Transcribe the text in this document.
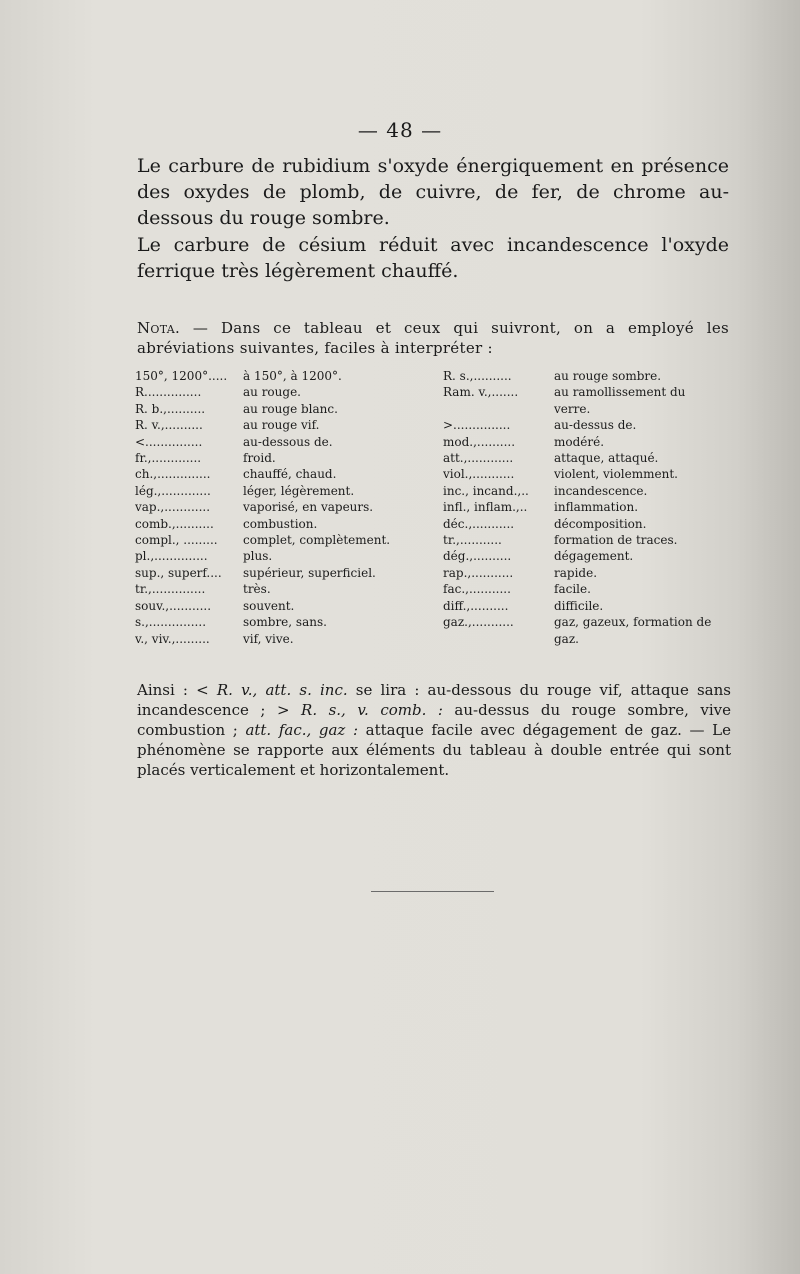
— 48 —
Le carbure de rubidium s'oxyde énergiquement en présence des oxydes de plomb, de cuivre, de fer, de chrome au-dessous du rouge sombre.
Le carbure de césium réduit avec incandescence l'oxyde ferrique très légèrement chauffé.
Nota. — Dans ce tableau et ceux qui suivront, on a employé les abréviations suivantes, faciles à interpréter :
150°, 1200°.....	à 150°, à 1200°.
R...............	au rouge.
R. b.,..........	au rouge blanc.
R. v.,..........	au rouge vif.
<...............	au-dessous de.
fr.,.............	froid.
ch.,..............	chauffé, chaud.
lég.,.............	léger, légèrement.
vap.,............	vaporisé, en vapeurs.
comb.,..........	combustion.
compl., .........	complet, complètement.
pl.,..............	plus.
sup., superf....	supérieur, superficiel.
tr.,..............	très.
souv.,...........	souvent.
s.,...............	sombre, sans.
v., viv.,.........	vif, vive.
R. s.,..........	au rouge sombre.
Ram. v.,.......	au ramollissement du
verre.
>...............	au-dessus de.
mod.,..........	modéré.
att.,............	attaque, attaqué.
viol.,...........	violent, violemment.
inc., incand.,..	incandescence.
infl., inflam.,..	inflammation.
déc.,...........	décomposition.
tr.,...........	formation de traces.
dég.,..........	dégagement.
rap.,...........	rapide.
fac.,...........	facile.
diff.,..........	difficile.
gaz.,...........	gaz, gazeux, formation de
gaz.
Ainsi : < R. v., att. s. inc. se lira : au-dessous du rouge vif, attaque sans incandescence ; > R. s., v. comb. : au-dessus du rouge sombre, vive combustion ; att. fac., gaz : attaque facile avec dégagement de gaz. — Le phénomène se rapporte aux éléments du tableau à double entrée qui sont placés verticalement et horizontalement.
